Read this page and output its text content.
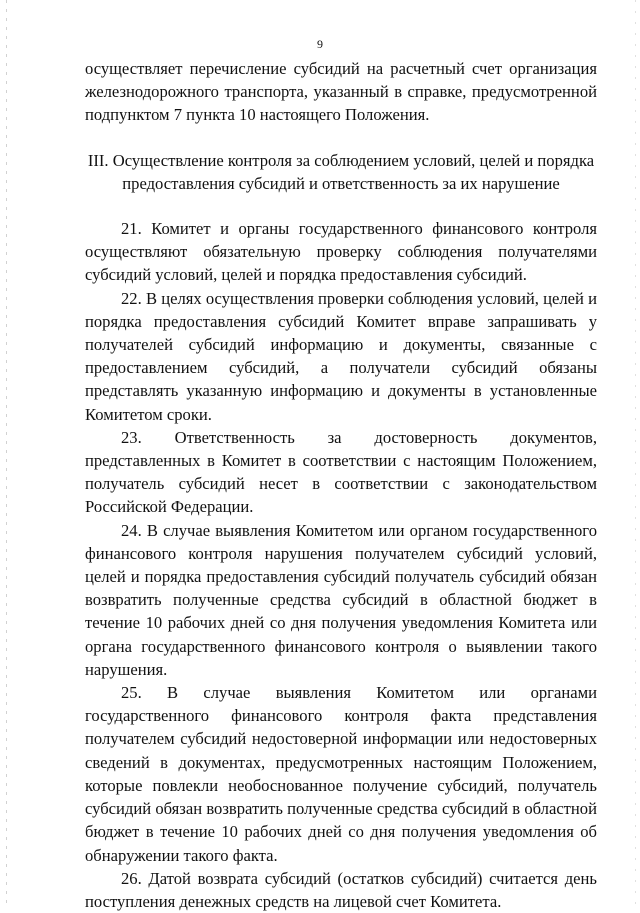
9

осуществляет перечисление субсидий на расчетный счет организация железнодорожного транспорта, указанный в справке, предусмотренной подпунктом 7 пункта 10 настоящего Положения.

III. Осуществление контроля за соблюдением условий, целей и порядка предоставления субсидий и ответственность за их нарушение

21. Комитет и органы государственного финансового контроля осуществляют обязательную проверку соблюдения получателями субсидий условий, целей и порядка предоставления субсидий.

22. В целях осуществления проверки соблюдения условий, целей и порядка предоставления субсидий Комитет вправе запрашивать у получателей субсидий информацию и документы, связанные с предоставлением субсидий, а получатели субсидий обязаны представлять указанную информацию и документы в установленные Комитетом сроки.

23. Ответственность за достоверность документов, представленных в Комитет в соответствии с настоящим Положением, получатель субсидий несет в соответствии с законодательством Российской Федерации.

24. В случае выявления Комитетом или органом государственного финансового контроля нарушения получателем субсидий условий, целей и порядка предоставления субсидий получатель субсидий обязан возвратить полученные средства субсидий в областной бюджет в течение 10 рабочих дней со дня получения уведомления Комитета или органа государственного финансового контроля о выявлении такого нарушения.

25. В случае выявления Комитетом или органами государственного финансового контроля факта представления получателем субсидий недостоверной информации или недостоверных сведений в документах, предусмотренных настоящим Положением, которые повлекли необоснованное получение субсидий, получатель субсидий обязан возвратить полученные средства субсидий в областной бюджет в течение 10 рабочих дней со дня получения уведомления об обнаружении такого факта.

26. Датой возврата субсидий (остатков субсидий) считается день поступления денежных средств на лицевой счет Комитета.
